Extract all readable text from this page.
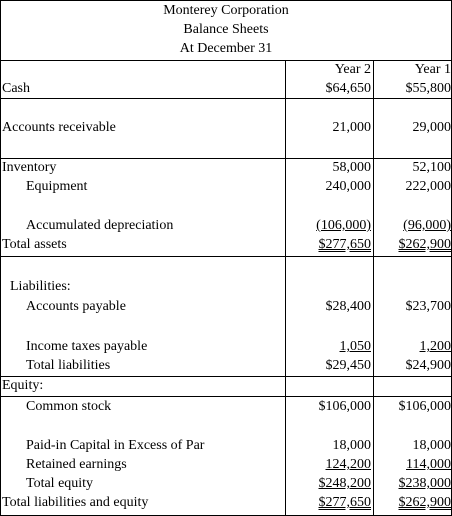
Monterey Corporation
Balance Sheets
At December 31
Year 2	Year 1
Cash	$64,650	$55,800
Accounts receivable	21,000	29,000
Inventory	58,000	52,100
Equipment	240,000	222,000
Accumulated depreciation	(106,000)	(96,000)
Total assets	$277,650	$262,900
Liabilities:
Accounts payable	$28,400	$23,700
Income taxes payable	1,050	1,200
Total liabilities	$29,450	$24,900
Equity:
Common stock	$106,000	$106,000
Paid-in Capital in Excess of Par	18,000	18,000
Retained earnings	124,200	114,000
Total equity	$248,200	$238,000
Total liabilities and equity	$277,650	$262,900
